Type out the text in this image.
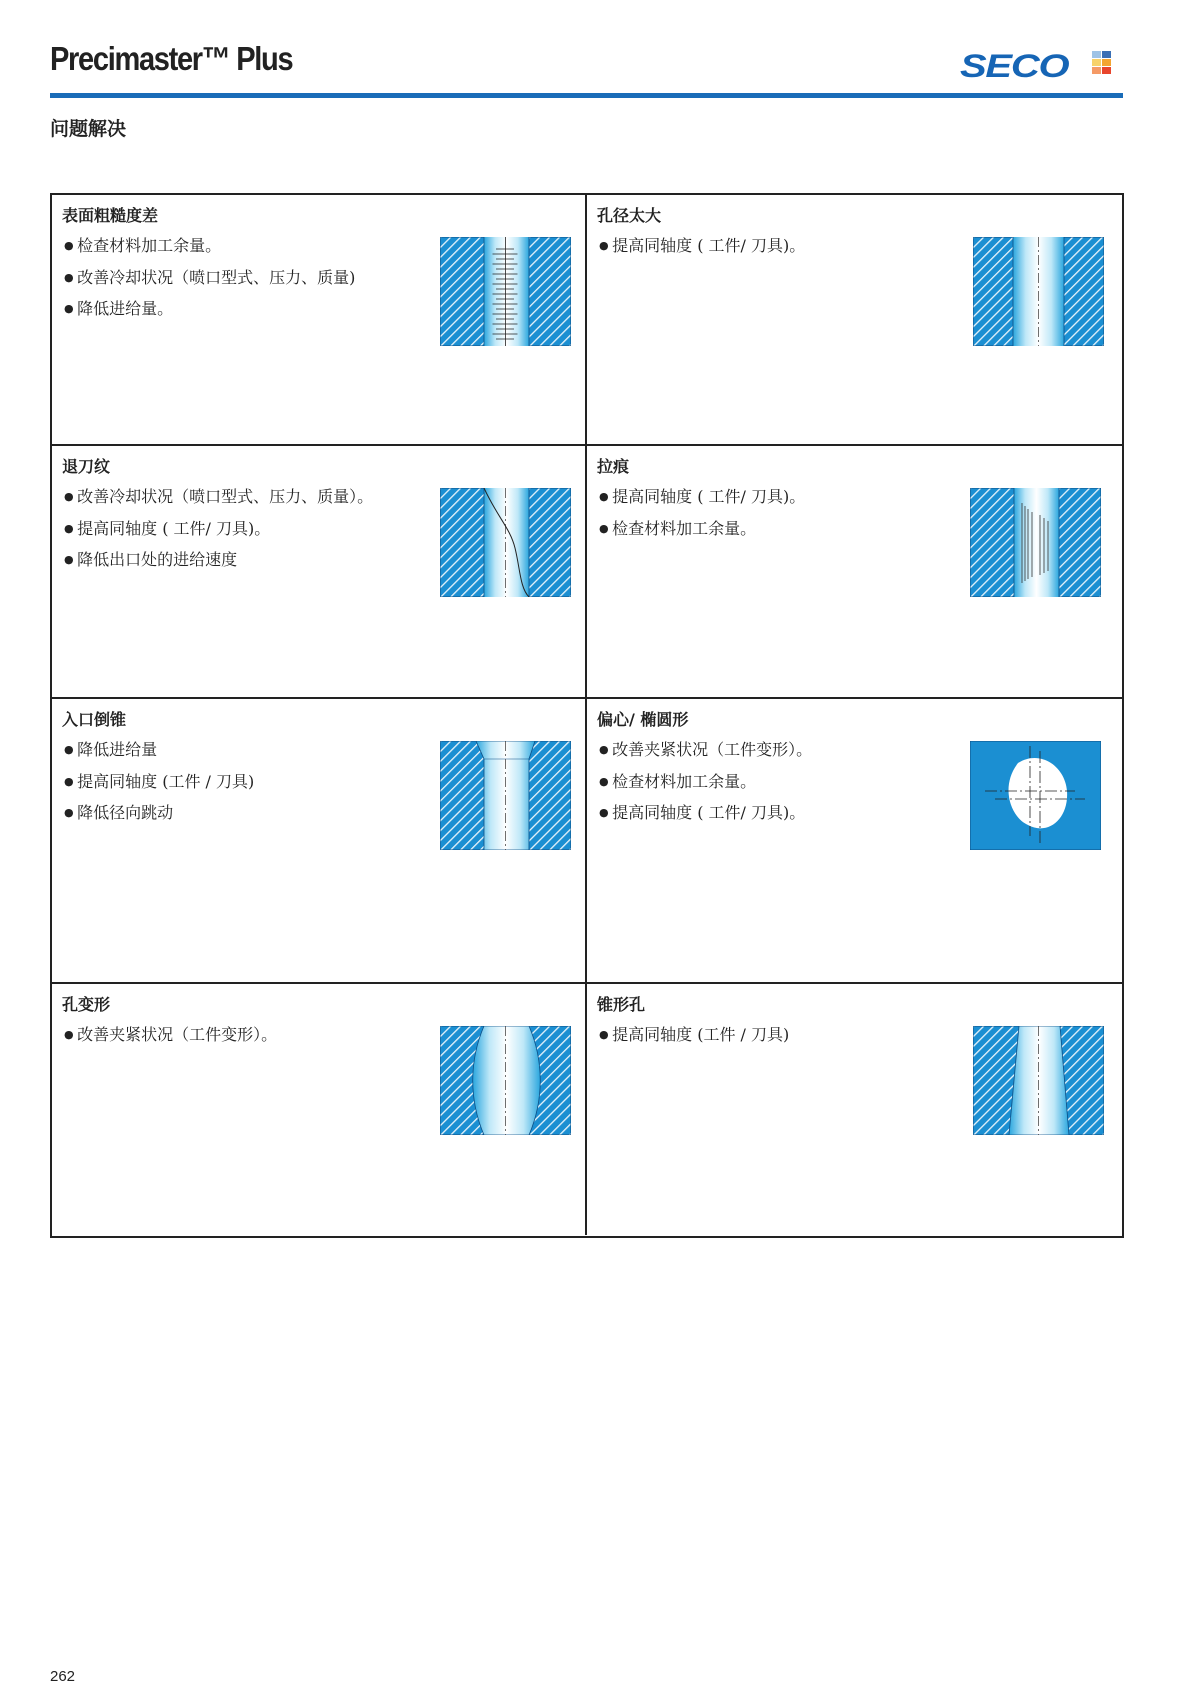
Precimaster™ Plus	SECO
问题解决
表面粗糙度差
● 检查材料加工余量。
● 改善冷却状况（喷口型式、压力、质量)
● 降低进给量。
孔径太大
● 提高同轴度 ( 工件/ 刀具)。
退刀纹
● 改善冷却状况（喷口型式、压力、质量）。
● 提高同轴度 ( 工件/ 刀具)。
● 降低出口处的进给速度
拉痕
● 提高同轴度 ( 工件/ 刀具)。
● 检查材料加工余量。
入口倒锥
● 降低进给量
● 提高同轴度 (工件 / 刀具)
● 降低径向跳动
偏心/ 椭圆形
● 改善夹紧状况（工件变形）。
● 检查材料加工余量。
● 提高同轴度 ( 工件/ 刀具)。
孔变形
● 改善夹紧状况（工件变形）。
锥形孔
● 提高同轴度 (工件 / 刀具)
262
